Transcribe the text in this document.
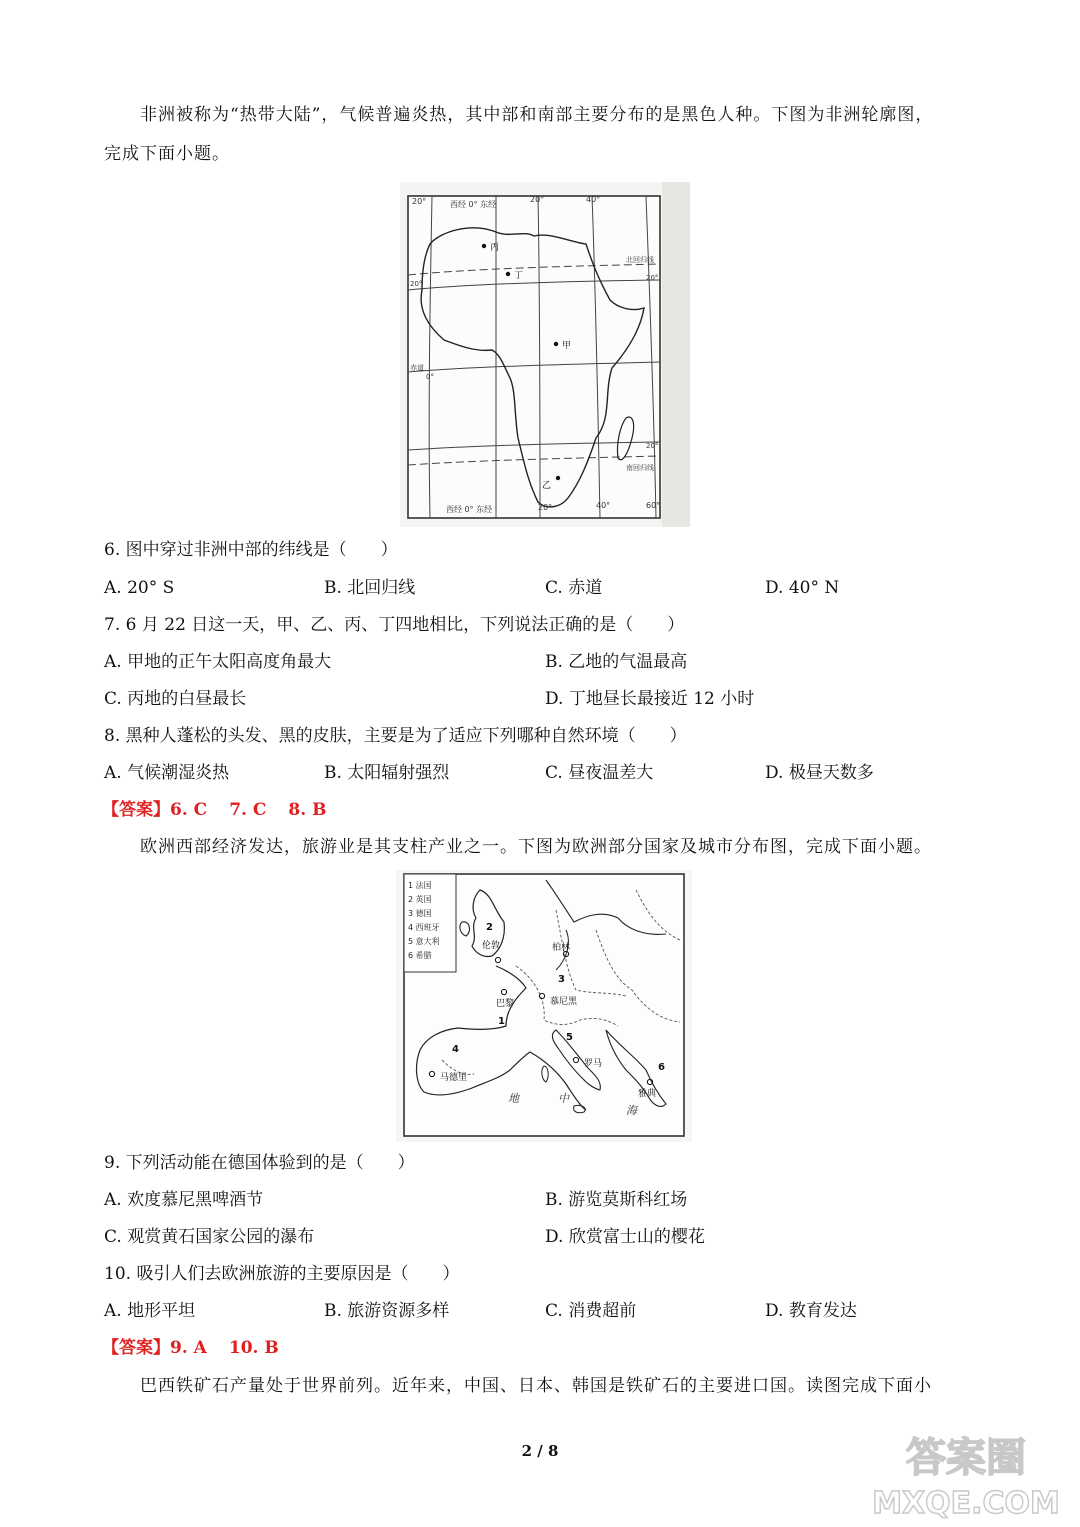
非洲被称为“热带大陆”，气候普遍炎热，其中部和南部主要分布的是黑色人种。下图为非洲轮廓图，
完成下面小题。
西经 0° 东经
20°	20°	40°
北回归线
20°
20°
赤道
0°
20°
南回归线
西经 0° 东经	20°	40°	60°
丙
丁
甲
乙
6. 图中穿过非洲中部的纬线是（　　）
A. 20° S	B. 北回归线	C. 赤道	D. 40° N
7. 6 月 22 日这一天，甲、乙、丙、丁四地相比，下列说法正确的是（　　）
A. 甲地的正午太阳高度角最大	B. 乙地的气温最高
C. 丙地的白昼最长	D. 丁地昼长最接近 12 小时
8. 黑种人蓬松的头发、黑的皮肤，主要是为了适应下列哪种自然环境（　　）
A. 气候潮湿炎热	B. 太阳辐射强烈	C. 昼夜温差大	D. 极昼天数多
【答案】6. C 7. C 8. B
欧洲西部经济发达，旅游业是其支柱产业之一。下图为欧洲部分国家及城市分布图，完成下面小题。
1 法国
2 英国
3 德国
4 西班牙
5 意大利
6 希腊
伦敦	柏林
巴黎	慕尼黑
马德里
罗马
雅典
1
2
3
4
5
6
地	中
海
9. 下列活动能在德国体验到的是（　　）
A. 欢度慕尼黑啤酒节	B. 游览莫斯科红场
C. 观赏黄石国家公园的瀑布	D. 欣赏富士山的樱花
10. 吸引人们去欧洲旅游的主要原因是（　　）
A. 地形平坦	B. 旅游资源多样	C. 消费超前	D. 教育发达
【答案】9. A 10. B
巴西铁矿石产量处于世界前列。近年来，中国、日本、韩国是铁矿石的主要进口国。读图完成下面小
2 / 8	答案圈
MXQE.COM
